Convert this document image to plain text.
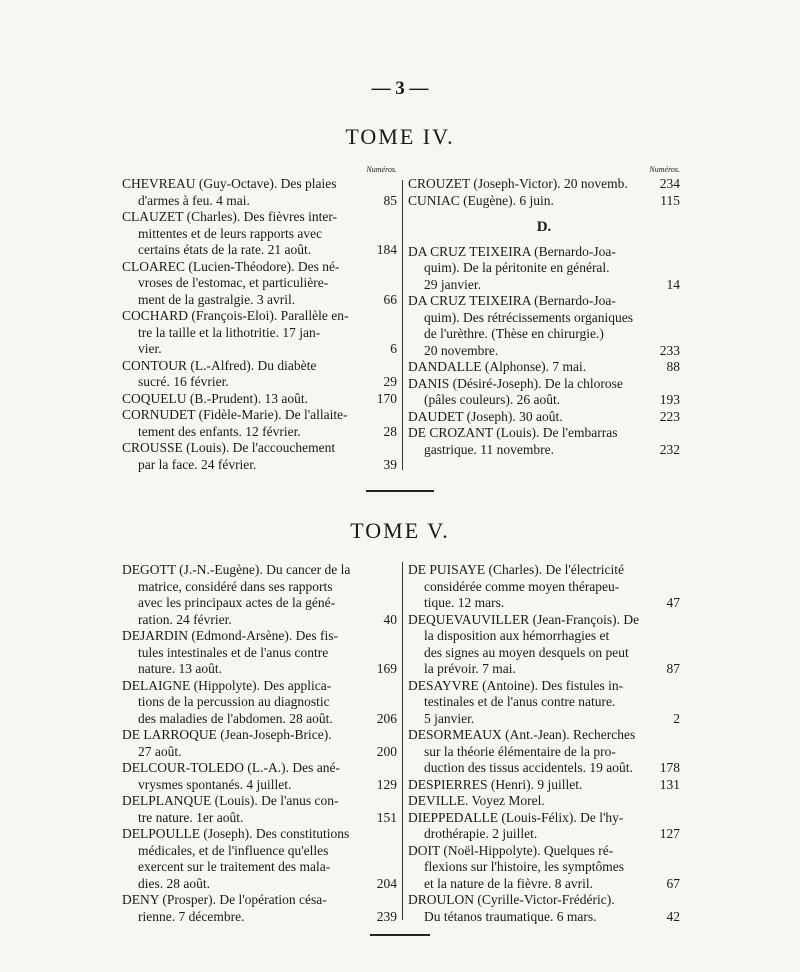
— 3 —
TOME IV.
Numéros.
CHEVREAU (Guy-Octave). Des plaies
d'armes à feu. 4 mai.	85
CLAUZET (Charles). Des fièvres inter-
mittentes et de leurs rapports avec
certains états de la rate. 21 août.	184
CLOAREC (Lucien-Théodore). Des né-
vroses de l'estomac, et particulière-
ment de la gastralgie. 3 avril.	66
COCHARD (François-Eloi). Parallèle en-
tre la taille et la lithotritie. 17 jan-
vier.	6
CONTOUR (L.-Alfred). Du diabète
sucré. 16 février.	29
COQUELU (B.-Prudent). 13 août.	170
CORNUDET (Fidèle-Marie). De l'allaite-
tement des enfants. 12 février.	28
CROUSSE (Louis). De l'accouchement
par la face. 24 février.	39
Numéros.
CROUZET (Joseph-Victor). 20 novemb.	234
CUNIAC (Eugène). 6 juin.	115
D.
DA CRUZ TEIXEIRA (Bernardo-Joa-
quim). De la péritonite en général.
29 janvier.	14
DA CRUZ TEIXEIRA (Bernardo-Joa-
quim). Des rétrécissements organiques
de l'urèthre. (Thèse en chirurgie.)
20 novembre.	233
DANDALLE (Alphonse). 7 mai.	88
DANIS (Désiré-Joseph). De la chlorose
(pâles couleurs). 26 août.	193
DAUDET (Joseph). 30 août.	223
DE CROZANT (Louis). De l'embarras
gastrique. 11 novembre.	232
TOME V.
DEGOTT (J.-N.-Eugène). Du cancer de la
matrice, considéré dans ses rapports
avec les principaux actes de la géné-
ration. 24 février.	40
DEJARDIN (Edmond-Arsène). Des fis-
tules intestinales et de l'anus contre
nature. 13 août.	169
DELAIGNE (Hippolyte). Des applica-
tions de la percussion au diagnostic
des maladies de l'abdomen. 28 août.	206
DE LARROQUE (Jean-Joseph-Brice).
27 août.	200
DELCOUR-TOLEDO (L.-A.). Des ané-
vrysmes spontanés. 4 juillet.	129
DELPLANQUE (Louis). De l'anus con-
tre nature. 1er août.	151
DELPOULLE (Joseph). Des constitutions
médicales, et de l'influence qu'elles
exercent sur le traitement des mala-
dies. 28 août.	204
DENY (Prosper). De l'opération césa-
rienne. 7 décembre.	239
DE PUISAYE (Charles). De l'électricité
considérée comme moyen thérapeu-
tique. 12 mars.	47
DEQUEVAUVILLER (Jean-François). De
la disposition aux hémorrhagies et
des signes au moyen desquels on peut
la prévoir. 7 mai.	87
DESAYVRE (Antoine). Des fistules in-
testinales et de l'anus contre nature.
5 janvier.	2
DESORMEAUX (Ant.-Jean). Recherches
sur la théorie élémentaire de la pro-
duction des tissus accidentels. 19 août.	178
DESPIERRES (Henri). 9 juillet.	131
DEVILLE. Voyez Morel.
DIEPPEDALLE (Louis-Félix). De l'hy-
drothérapie. 2 juillet.	127
DOIT (Noël-Hippolyte). Quelques ré-
flexions sur l'histoire, les symptômes
et la nature de la fièvre. 8 avril.	67
DROULON (Cyrille-Victor-Frédéric).
Du tétanos traumatique. 6 mars.	42
